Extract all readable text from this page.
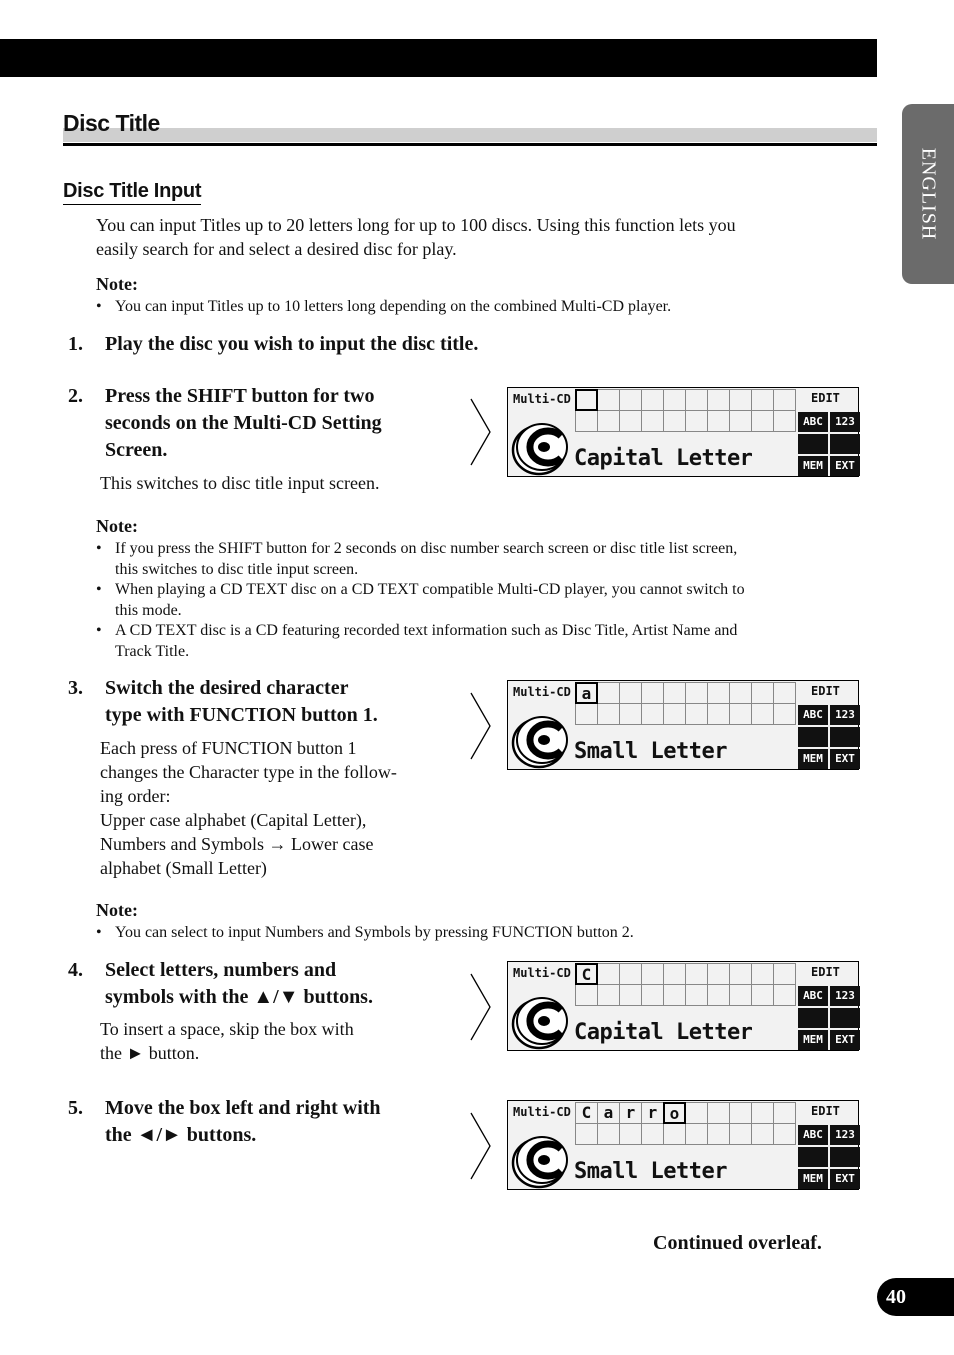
ENGLISH
Disc Title
Disc Title Input
You can input Titles up to 20 letters long for up to 100 discs. Using this function lets you
easily search for and select a desired disc for play.
Note:
• You can input Titles up to 10 letters long depending on the combined Multi-CD player.
1. Play the disc you wish to input the disc title.
2. Press the SHIFT button for two
seconds on the Multi-CD Setting
Screen.
This switches to disc title input screen.
Multi-CD
Capital Letter
EDIT
ABC	123
MEM	EXT
Note:
• If you press the SHIFT button for 2 seconds on disc number search screen or disc title list screen,
this switches to disc title input screen.
• When playing a CD TEXT disc on a CD TEXT compatible Multi-CD player, you cannot switch to
this mode.
• A CD TEXT disc is a CD featuring recorded text information such as Disc Title, Artist Name and
Track Title.
3. Switch the desired character
type with FUNCTION button 1.
Each press of FUNCTION button 1
changes the Character type in the follow-
ing order:
Upper case alphabet (Capital Letter),
Numbers and Symbols → Lower case
alphabet (Small Letter)
Multi-CD a
Small Letter
EDIT
ABC	123
MEM	EXT
Note:
• You can select to input Numbers and Symbols by pressing FUNCTION button 2.
4. Select letters, numbers and
symbols with the ▲/▼ buttons.
To insert a space, skip the box with
the ► button.
Multi-CD C
Capital Letter
EDIT
ABC	123
MEM	EXT
5. Move the box left and right with
the ◄/► buttons.
Multi-CD C a r r o
Small Letter
EDIT
ABC	123
MEM	EXT
Continued overleaf.
40
